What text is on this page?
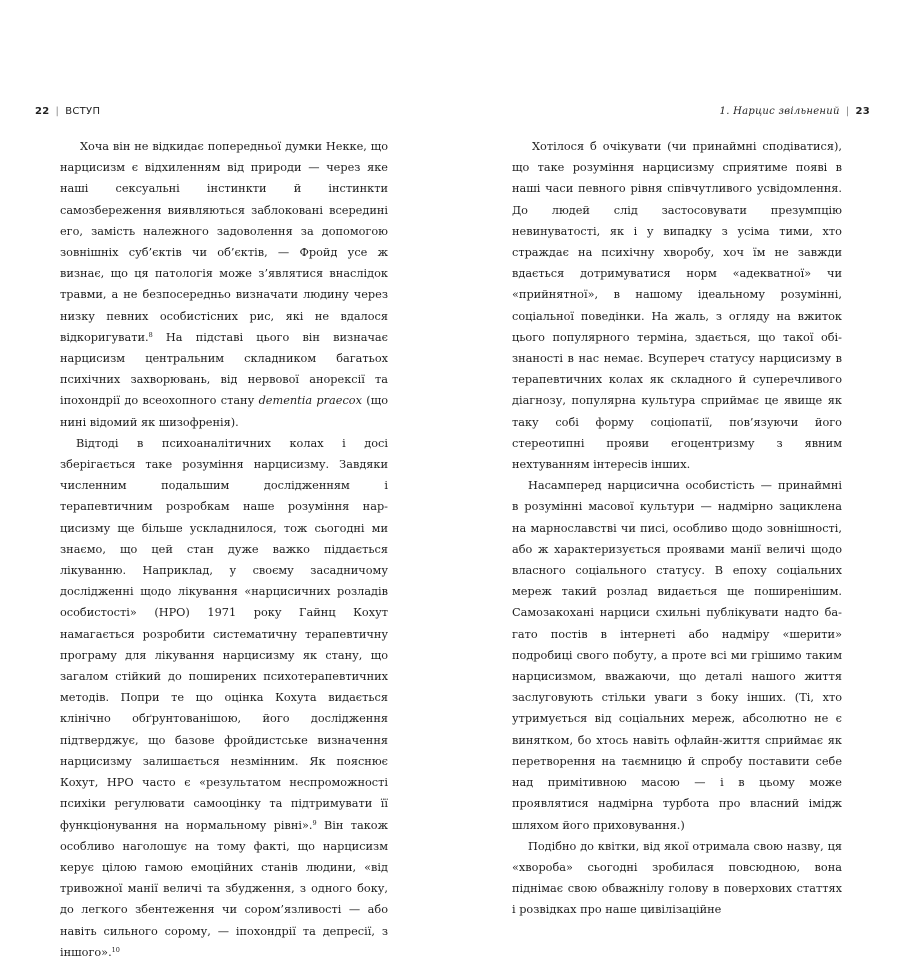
22 | ВСТУП

Хоча він не відкидає попередньої думки Некке, що нарцисизм є відхиленням від природи — через яке наші сексуальні інстинкти й інстинкти самозбереження виявляються заблоковані всередині его, замість належного задоволення за допомогою зовнішніх суб’єктів чи об’єктів, — Фройд усе ж визнає, що ця патологія може з’являтися внаслідок травми, а не безпосередньо визначати людину через низку певних особистісних рис, які не вдалося відкоригувати.$^8$ На підставі цього він визначає нарцисизм центральним складником багатьох психічних захворювань, від нервової анорексії та іпохондрії до всеохопного стану dementia praecox (що нині відомий як шизофренія).

Відтоді в психоаналітичних колах і досі зберігається таке розуміння нарцисизму. Завдяки численним подальшим дослідженням і терапевтичним розробкам наше розуміння нарцисизму ще більше ускладнилося, тож сьогодні ми знаємо, що цей стан дуже важко піддається лікуванню. Наприклад, у своєму засадничому дослідженні щодо лікування «нарцисичних розладів особистості» (НРО) 1971 року Гайнц Кохут намагається розробити систематичну терапевтичну програму для лікування нарцисизму як стану, що загалом стійкий до поширених психотерапевтичних методів. Попри те що оцінка Кохута видається клінічно обґрунтованішою, його дослідження підтверджує, що базове фройдистське визначення нарцисизму залишається незмінним. Як пояснює Кохут, НРО часто є «результатом неспроможності психіки регулювати самооцінку та підтримувати її функціонування на нормальному рівні».$^9$ Він також особливо наголошує на тому факті, що нарцисизм керує цілою гамою емоційних станів людини, «від тривожної манії величі та збудження, з одного боку, до легкого збентеження чи сором’язливості — або навіть сильного сорому, — іпохондрії та депресії, з іншого».$^{10}$

1. Нарцис звільнений | 23

Хотілося б очікувати (чи принаймні сподіватися), що таке розуміння нарцисизму сприятиме появі в наші часи певного рівня співчутливого усвідомлення. До людей слід застосовувати презумпцію невинуватості, як і у випадку з усіма тими, хто страждає на психічну хворобу, хоч їм не завжди вдається дотримуватися норм «адекватної» чи «прийнятної», в нашому ідеальному розумінні, соціальної поведінки. На жаль, з огляду на вжиток цього популярного терміна, здається, що такої обізнаності в нас немає. Всупереч статусу нарцисизму в терапевтичних колах як складного й суперечливого діагнозу, популярна культура сприймає це явище як таку собі форму соціопатії, пов’язуючи його стереотипні прояви егоцентризму з явним нехтуванням інтересів інших.

Насамперед нарцисична особистість — принаймні в розумінні масової культури — надмірно зациклена на марнославстві чи писі, особливо щодо зовнішності, або ж характеризується проявами манії величі щодо власного соціального статусу. В епоху соціальних мереж такий розлад видається ще поширенішим. Самозакохані нарциси схильні публікувати надто багато постів в інтернеті або надміру «шерити» подробиці свого побуту, а проте всі ми грішимо таким нарцисизмом, вважаючи, що деталі нашого життя заслуговують стільки уваги з боку інших. (Ті, хто утримується від соціальних мереж, абсолютно не є винятком, бо хтось навіть офлайн-життя сприймає як перетворення на таємницю й спробу поставити себе над примітивною масою — і в цьому може проявлятися надмірна турбота про власний імідж шляхом його приховування.)

Подібно до квітки, від якої отримала свою назву, ця «хвороба» сьогодні зробилася повсюдною, вона піднімає свою обважнілу голову в поверхових статтях і розвідках про наше цивілізаційне
